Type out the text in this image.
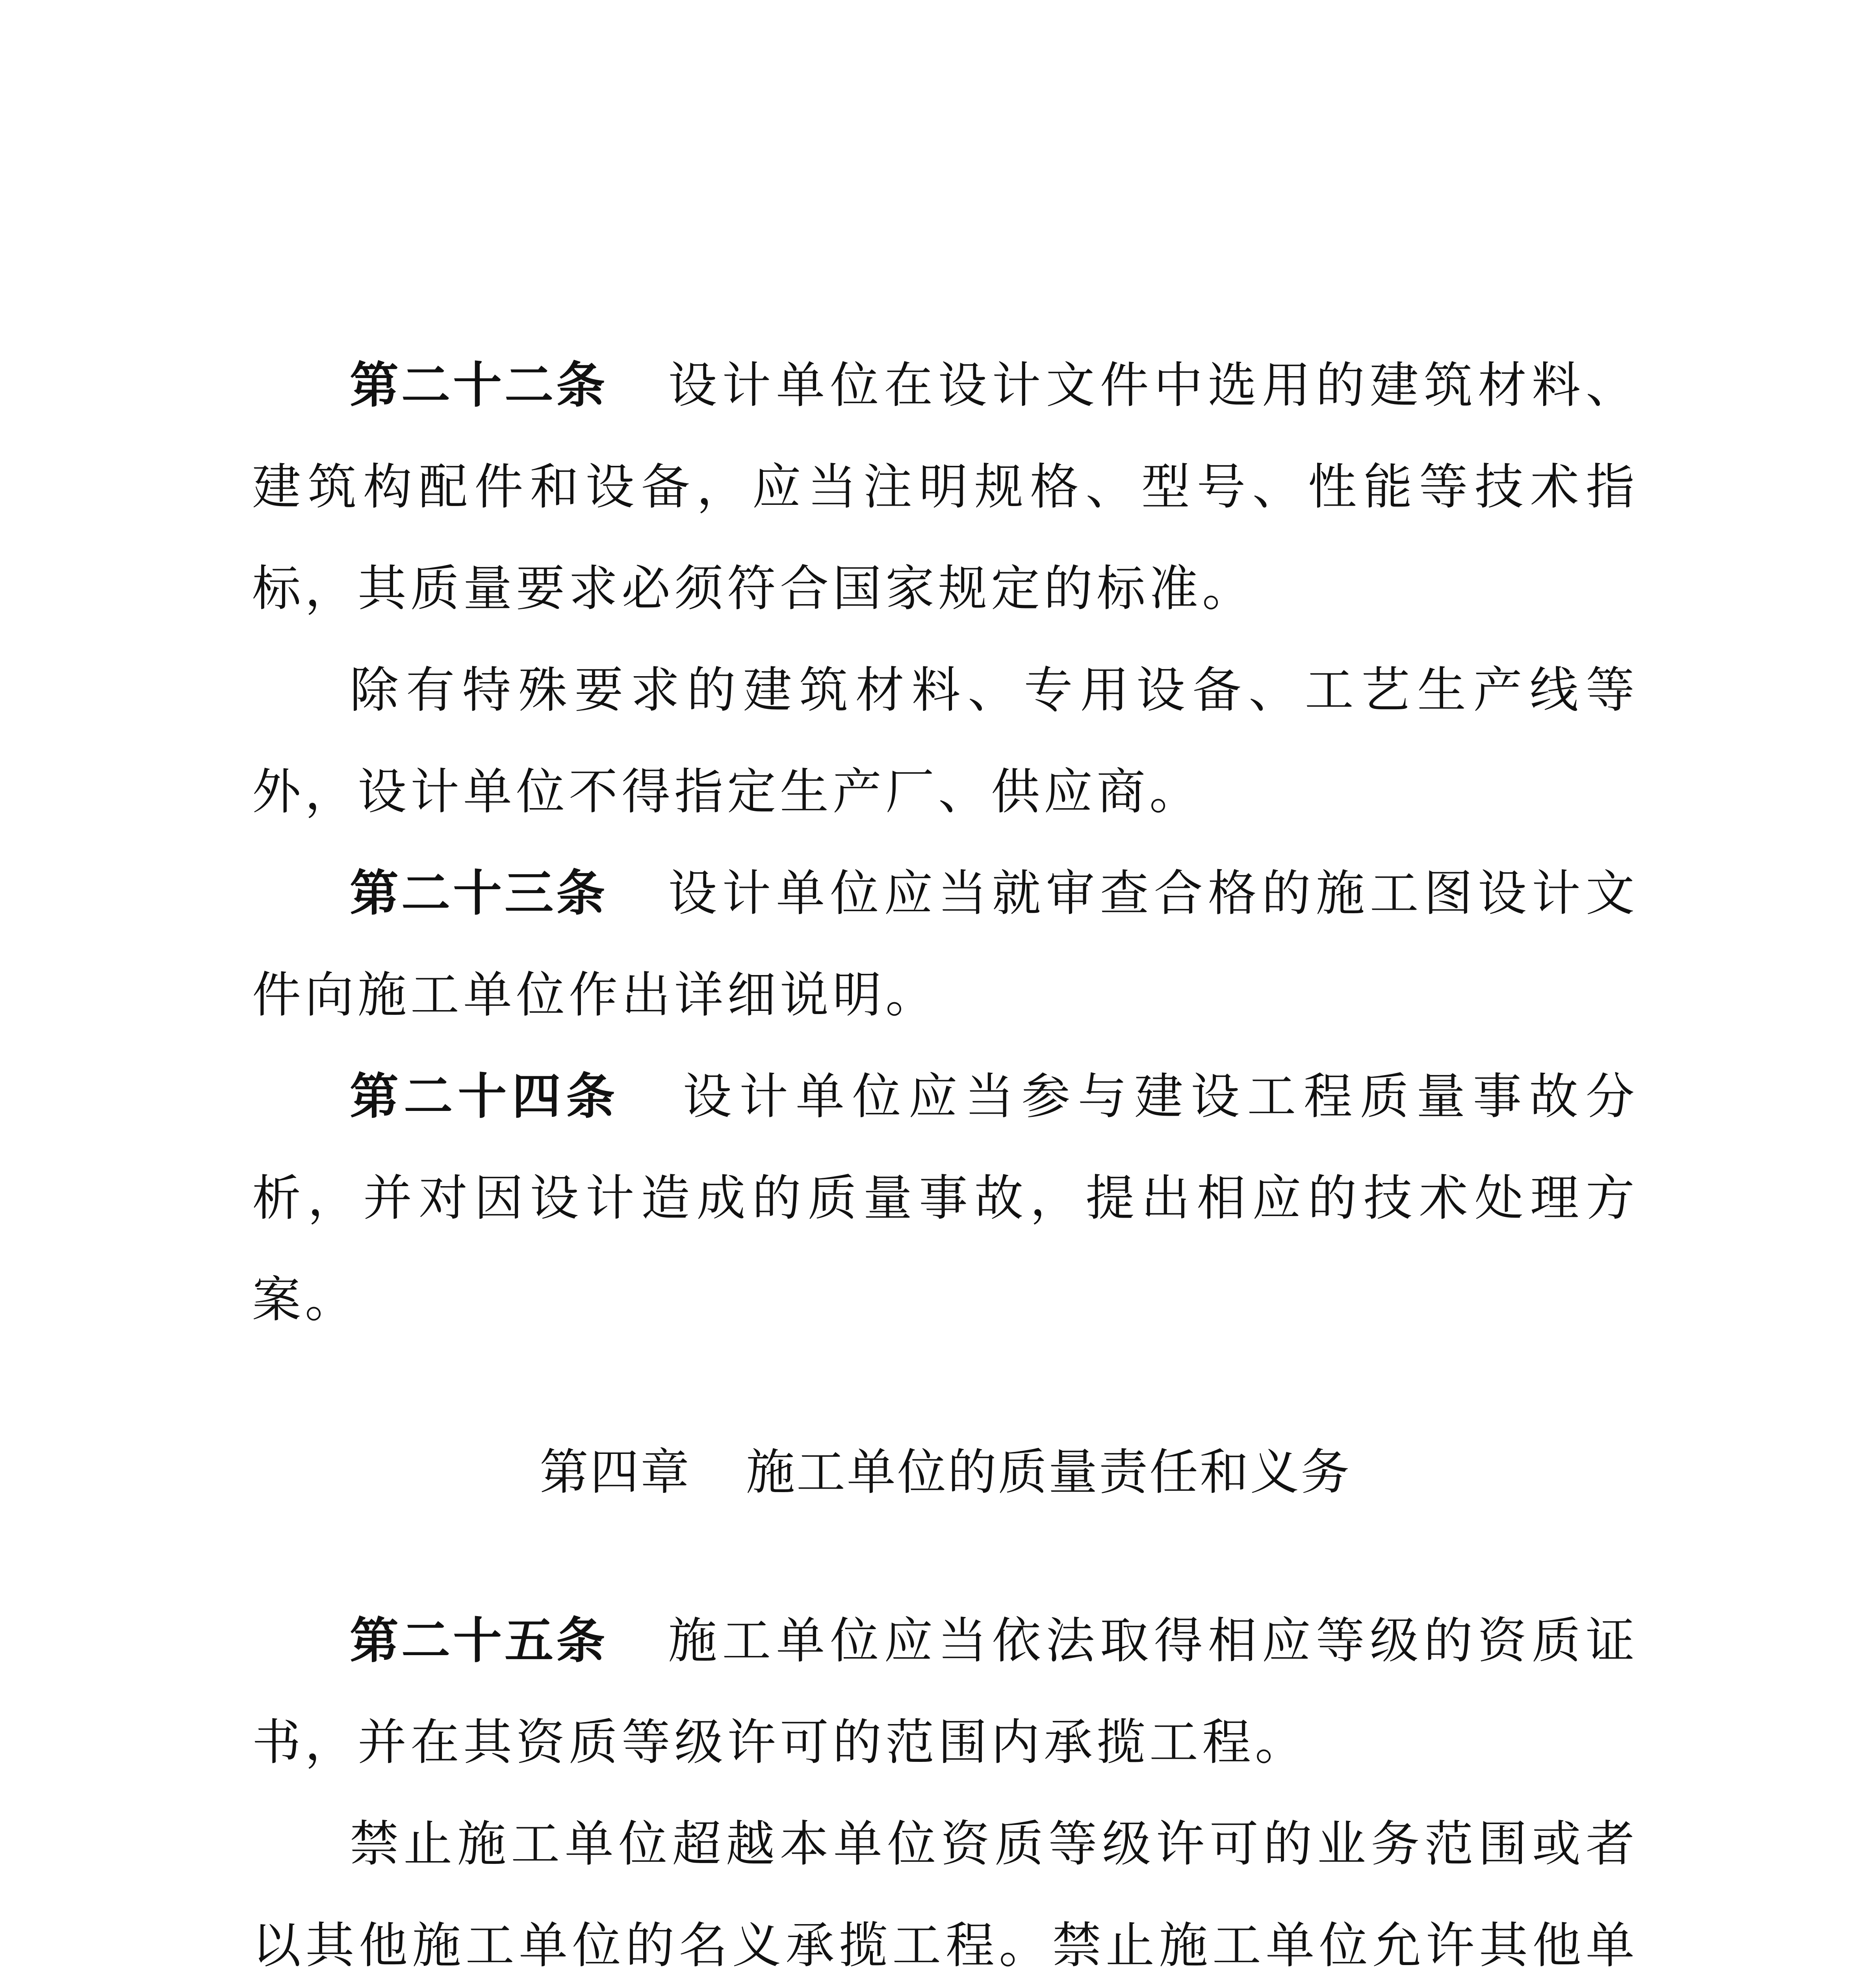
第二十二条 设计单位在设计文件中选用的建筑材料、建筑构配件和设备，应当注明规格、型号、性能等技术指标，其质量要求必须符合国家规定的标准。

除有特殊要求的建筑材料、专用设备、工艺生产线等外，设计单位不得指定生产厂、供应商。

第二十三条 设计单位应当就审查合格的施工图设计文件向施工单位作出详细说明。

第二十四条 设计单位应当参与建设工程质量事故分析，并对因设计造成的质量事故，提出相应的技术处理方案。

第四章 施工单位的质量责任和义务

第二十五条 施工单位应当依法取得相应等级的资质证书，并在其资质等级许可的范围内承揽工程。

禁止施工单位超越本单位资质等级许可的业务范围或者以其他施工单位的名义承揽工程。禁止施工单位允许其他单
